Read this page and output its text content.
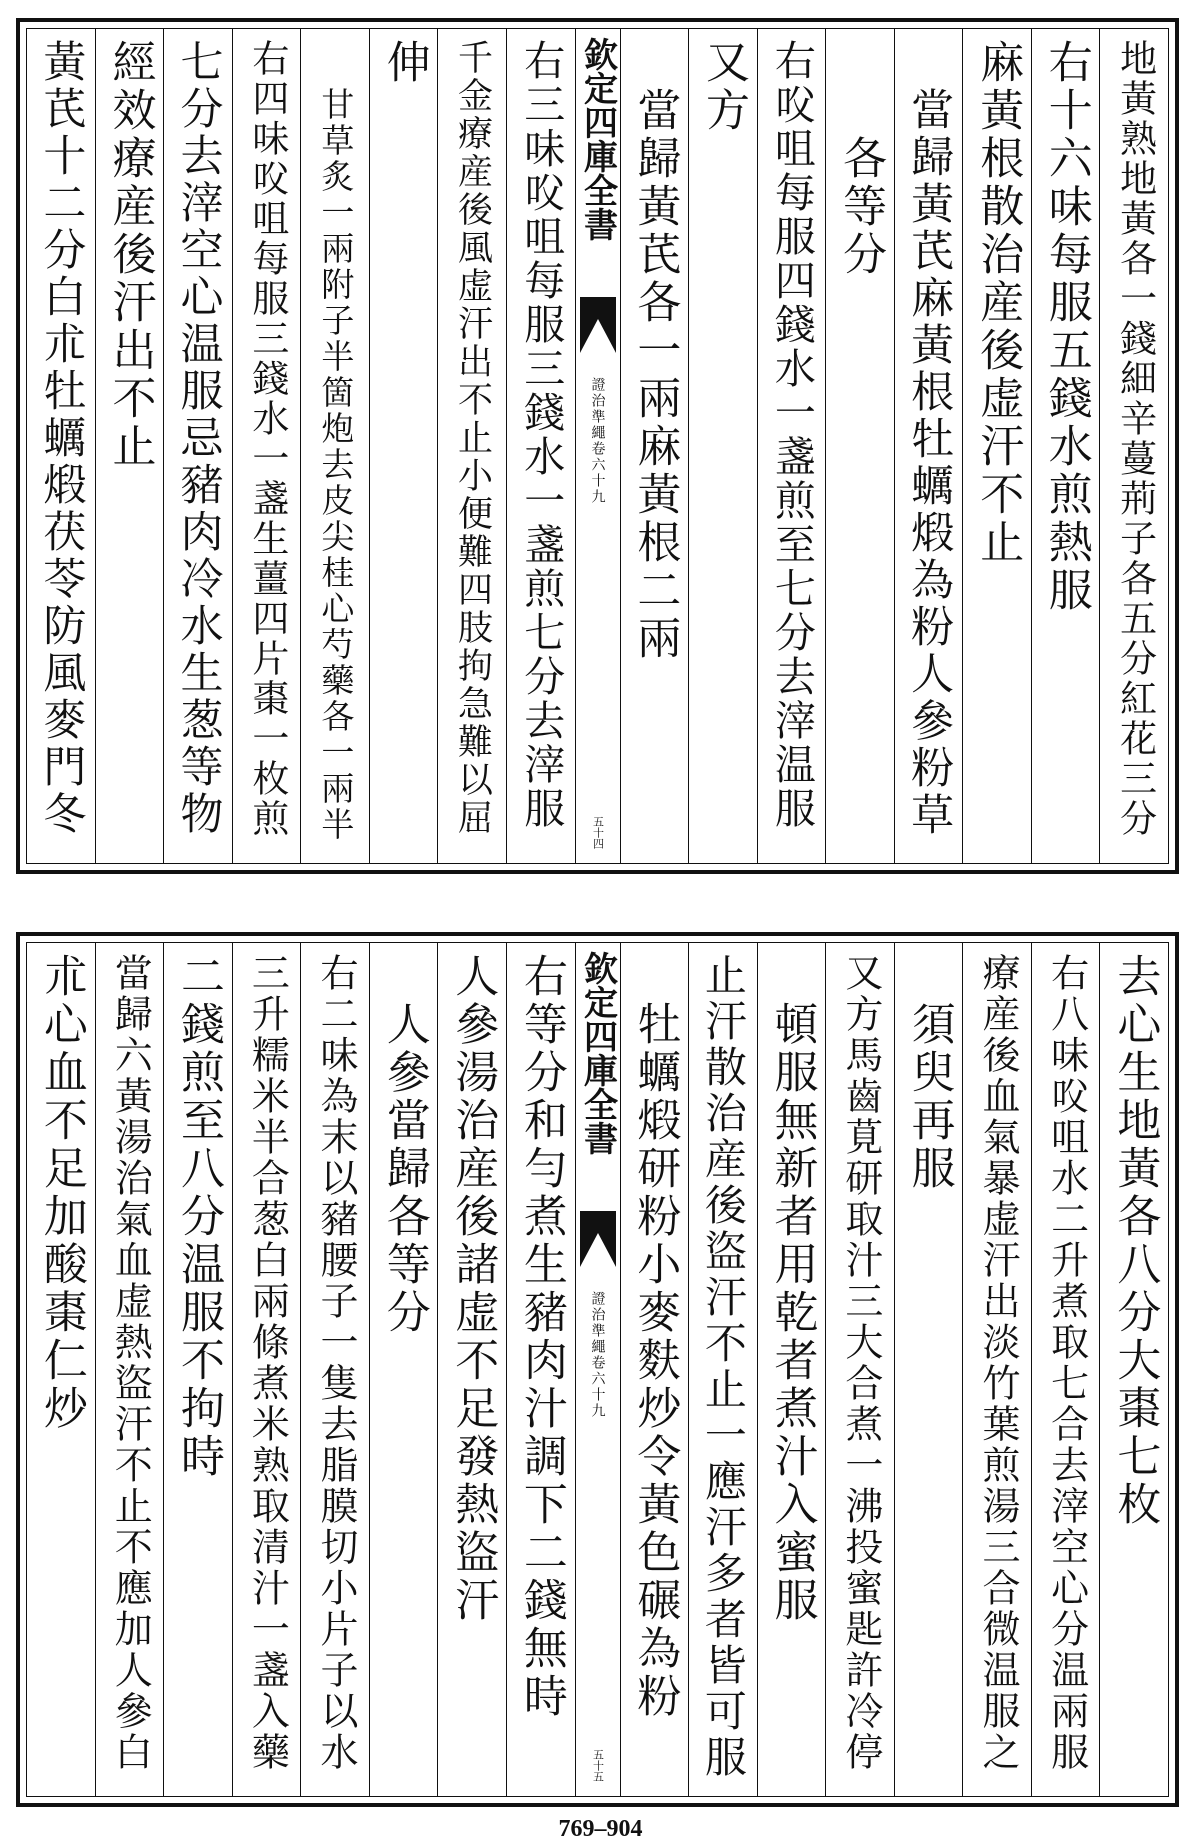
地黃熟地黃各一錢細辛蔓荊子各五分紅花三分
右十六味每服五錢水煎熱服
麻黃根散治産後虚汗不止
當歸黃芪麻黃根牡蠣煅為粉人參粉草
各等分
右㕮咀每服四錢水一盞煎至七分去滓温服
又方
當歸黃芪各一兩麻黃根二兩
欽定四庫全書
證治準繩卷六十九
五十四
右三味㕮咀每服三錢水一盞煎七分去滓服
千金療産後風虚汗出不止小便難四肢拘急難以屈
伸
甘草炙一兩附子半箇炮去皮尖桂心芍藥各一兩半
右四味㕮咀每服三錢水一盞生薑四片棗一枚煎
七分去滓空心温服忌豬肉冷水生葱等物
經效療産後汗出不止
黃芪十二分白朮牡蠣煅茯苓防風麥門冬
去心生地黃各八分大棗七枚
右八味㕮咀水二升煮取七合去滓空心分温兩服
療産後血氣暴虚汗出淡竹葉煎湯三合微温服之
須臾再服
又方馬齒莧研取汁三大合煮一沸投蜜匙許冷停
頓服無新者用乾者煮汁入蜜服
止汗散治産後盜汗不止一應汗多者皆可服
牡蠣煅研粉小麥麩炒令黃色碾為粉
欽定四庫全書
證治準繩卷六十九
五十五
右等分和勻煮生豬肉汁調下二錢無時
人參湯治産後諸虚不足發熱盜汗
人參當歸各等分
右二味為末以豬腰子一隻去脂膜切小片子以水
三升糯米半合葱白兩條煮米熟取清汁一盞入藥
二錢煎至八分温服不拘時
當歸六黃湯治氣血虚熱盜汗不止不應加人參白
朮心血不足加酸棗仁炒
769–904
